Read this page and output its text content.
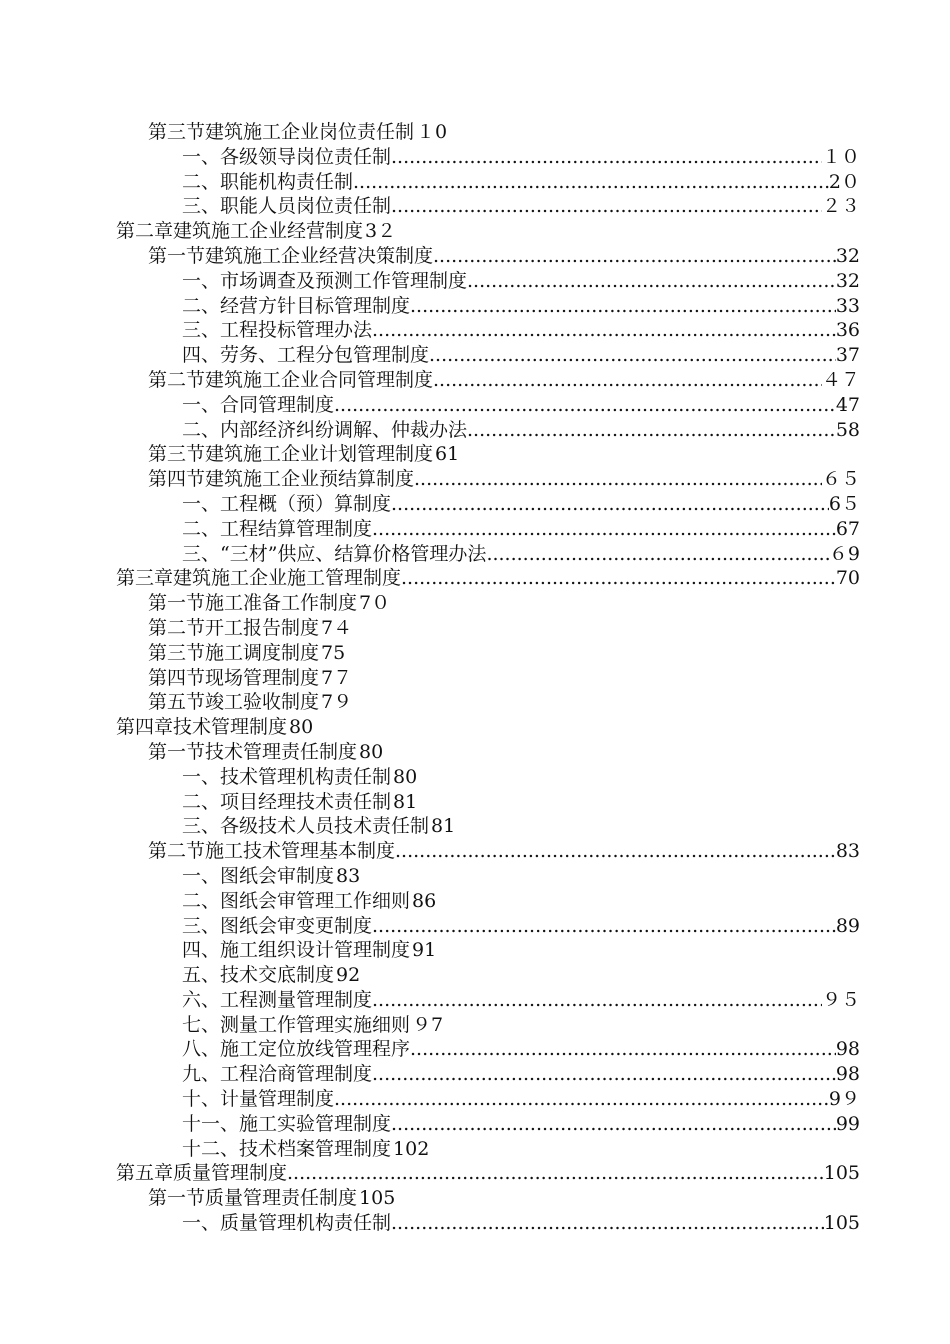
第三节建筑施工企业岗位责任制 １0
一、各级领导岗位责任制 .....	１０
二、职能机构责任制 .....	2０
三、职能人员岗位责任制 .....	２３
第二章建筑施工企业经营制度 3２
第一节建筑施工企业经营决策制度 .....	32
一、市场调查及预测工作管理制度 .....	32
二、经营方针目标管理制度 .....	33
三、工程投标管理办法 .....	36
四、劳务、工程分包管理制度 .....	37
第二节建筑施工企业合同管理制度 .....	４７
一、合同管理制度 .....	47
二、内部经济纠纷调解、仲裁办法 .....	58
第三节建筑施工企业计划管理制度 61
第四节建筑施工企业预结算制度 .....	６５
一、工程概（预）算制度 .....	6５
二、工程结算管理制度 .....	67
三、“三材”供应、结算价格管理办法 .....	６9
第三章建筑施工企业施工管理制度 .....	70
第一节施工准备工作制度 7０
第二节开工报告制度 7４
第三节施工调度制度 75
第四节现场管理制度 7７
第五节竣工验收制度 7９
第四章技术管理制度 80
第一节技术管理责任制度 80
一、技术管理机构责任制 80
二、项目经理技术责任制 81
三、各级技术人员技术责任制 81
第二节施工技术管理基本制度 .....	83
一、图纸会审制度 83
二、图纸会审管理工作细则 86
三、图纸会审变更制度 .....	89
四、施工组织设计管理制度 91
五、技术交底制度 92
六、工程测量管理制度 .....	９５
七、测量工作管理实施细则 ９7
八、施工定位放线管理程序 .....	98
九、工程洽商管理制度 .....	98
十、计量管理制度 .....	9９
十一、施工实验管理制度 .....	99
十二、技术档案管理制度 102
第五章质量管理制度 .....	105
第一节质量管理责任制度 105
一、质量管理机构责任制 .....	105
